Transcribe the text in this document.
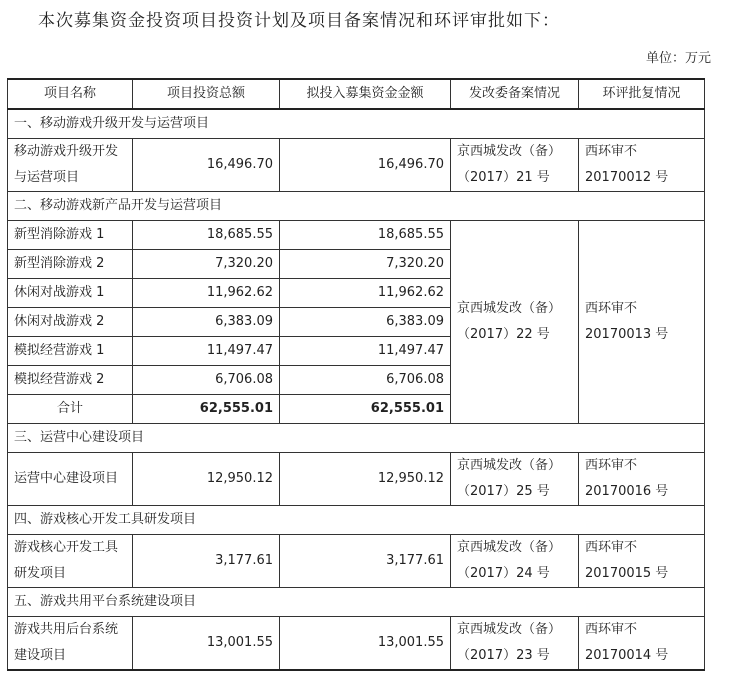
本次募集资金投资项目投资计划及项目备案情况和环评审批如下：
单位：万元
项目名称	项目投资总额	拟投入募集资金金额	发改委备案情况	环评批复情况
一、移动游戏升级开发与运营项目				
移动游戏升级开发与运营项目	16,496.70	16,496.70	京西城发改（备）（2017）21 号	西环审不 20170012 号
二、移动游戏新产品开发与运营项目				
新型消除游戏 1	18,685.55	18,685.55	京西城发改（备）（2017）22 号	西环审不 20170013 号
新型消除游戏 2	7,320.20	7,320.20		
休闲对战游戏 1	11,962.62	11,962.62		
休闲对战游戏 2	6,383.09	6,383.09		
模拟经营游戏 1	11,497.47	11,497.47		
模拟经营游戏 2	6,706.08	6,706.08		
合计	62,555.01	62,555.01		
三、运营中心建设项目				
运营中心建设项目	12,950.12	12,950.12	京西城发改（备）（2017）25 号	西环审不 20170016 号
四、游戏核心开发工具研发项目				
游戏核心开发工具研发项目	3,177.61	3,177.61	京西城发改（备）（2017）24 号	西环审不 20170015 号
五、游戏共用平台系统建设项目				
游戏共用后台系统建设项目	13,001.55	13,001.55	京西城发改（备）（2017）23 号	西环审不 20170014 号
